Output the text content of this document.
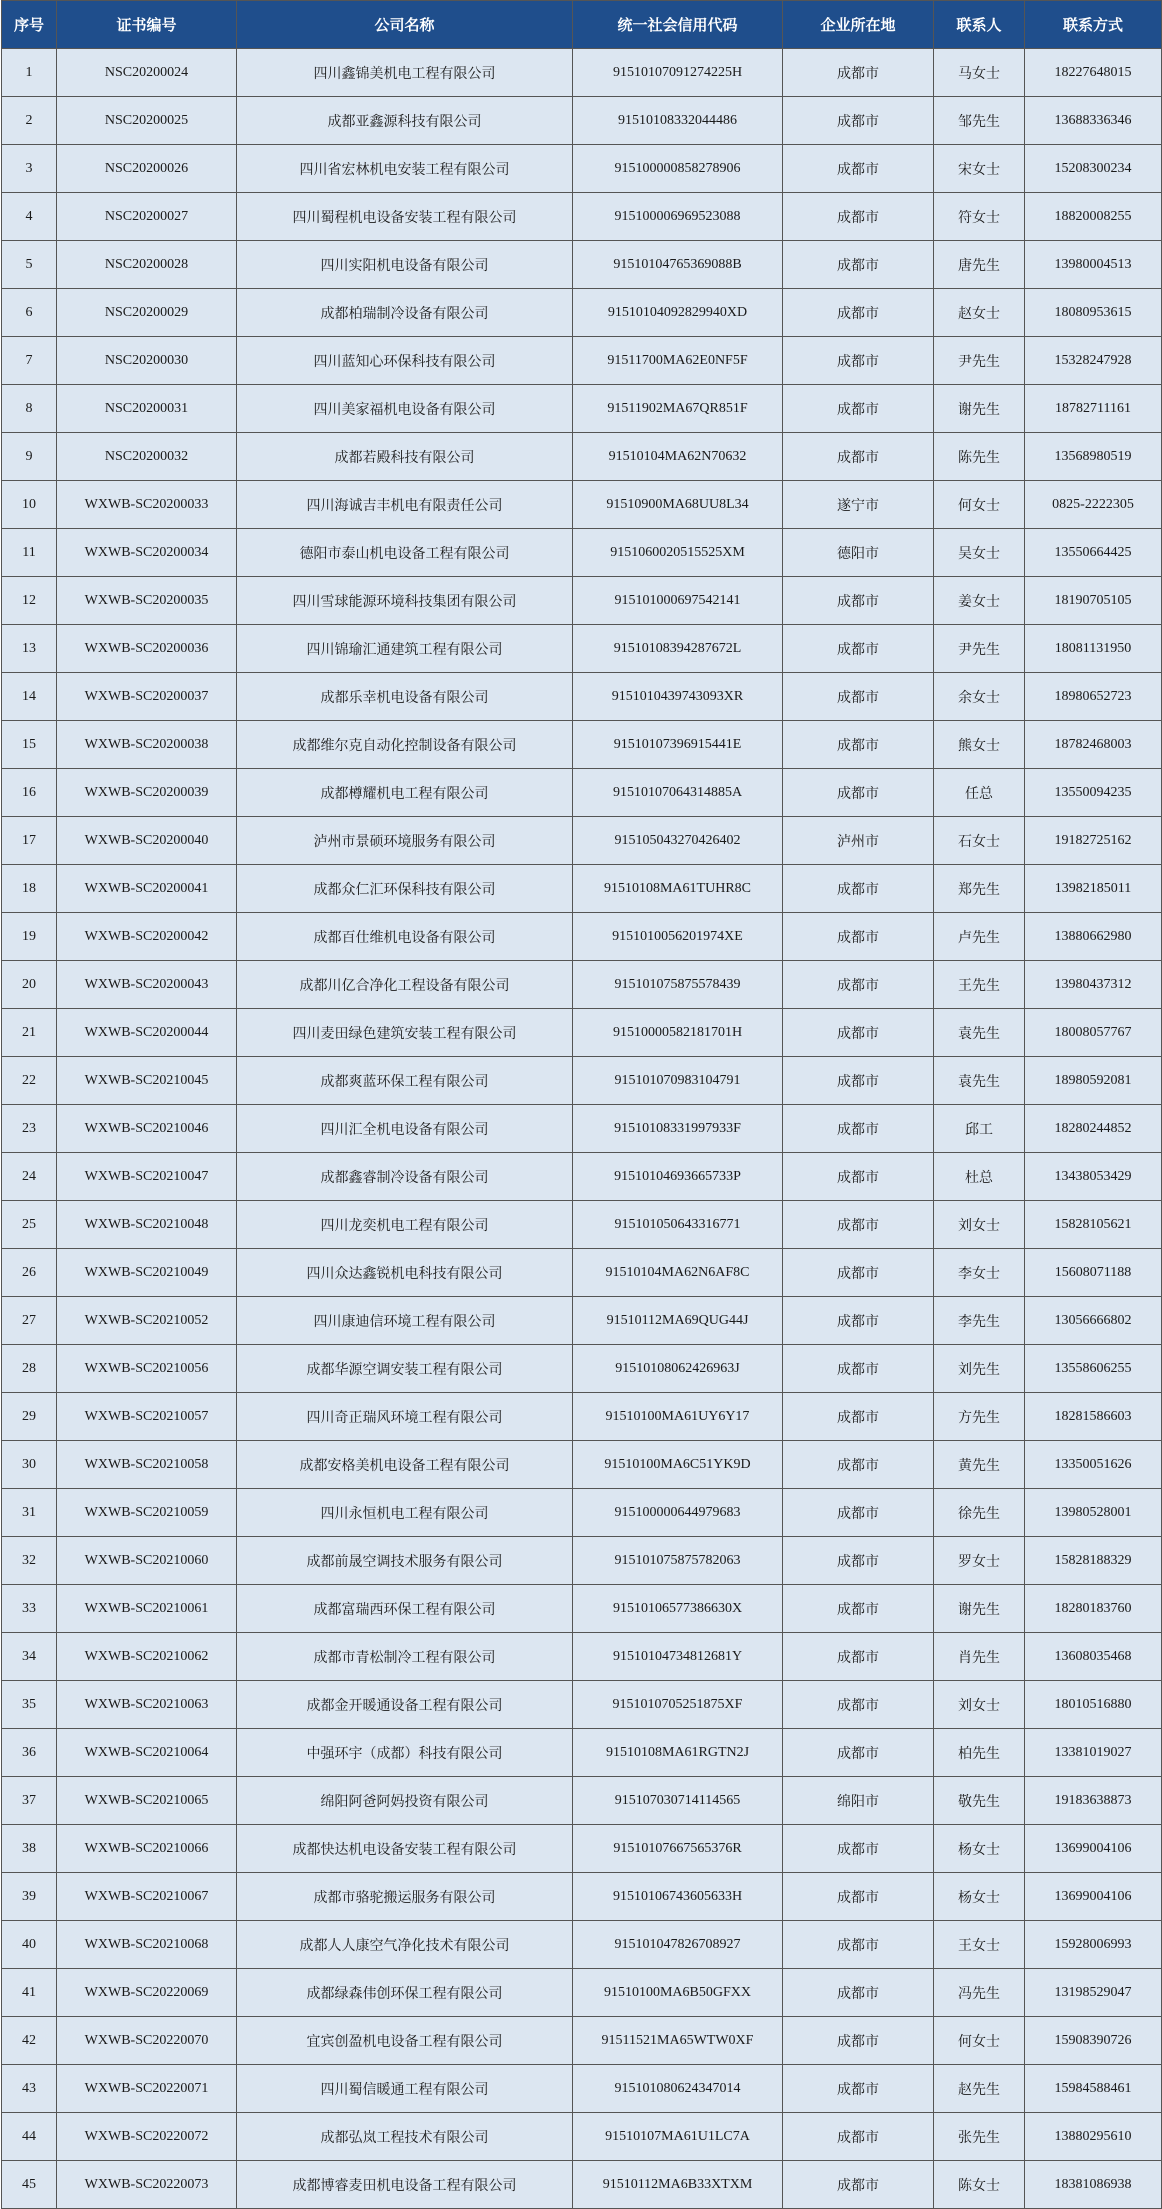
序号	证书编号	公司名称	统一社会信用代码	企业所在地	联系人	联系方式
1	NSC20200024	四川鑫锦美机电工程有限公司	91510107091274225H	成都市	马女士	18227648015
2	NSC20200025	成都亚鑫源科技有限公司	91510108332044486	成都市	邹先生	13688336346
3	NSC20200026	四川省宏林机电安装工程有限公司	915100000858278906	成都市	宋女士	15208300234
4	NSC20200027	四川蜀程机电设备安装工程有限公司	915100006969523088	成都市	符女士	18820008255
5	NSC20200028	四川实阳机电设备有限公司	91510104765369088B	成都市	唐先生	13980004513
6	NSC20200029	成都柏瑞制冷设备有限公司	91510104092829940XD	成都市	赵女士	18080953615
7	NSC20200030	四川蓝知心环保科技有限公司	91511700MA62E0NF5F	成都市	尹先生	15328247928
8	NSC20200031	四川美家福机电设备有限公司	91511902MA67QR851F	成都市	谢先生	18782711161
9	NSC20200032	成都若殿科技有限公司	91510104MA62N70632	成都市	陈先生	13568980519
10	WXWB-SC20200033	四川海诚吉丰机电有限责任公司	91510900MA68UU8L34	遂宁市	何女士	0825-2222305
11	WXWB-SC20200034	德阳市泰山机电设备工程有限公司	9151060020515525XM	德阳市	吴女士	13550664425
12	WXWB-SC20200035	四川雪球能源环境科技集团有限公司	915101000697542141	成都市	姜女士	18190705105
13	WXWB-SC20200036	四川锦瑜汇通建筑工程有限公司	91510108394287672L	成都市	尹先生	18081131950
14	WXWB-SC20200037	成都乐幸机电设备有限公司	9151010439743093XR	成都市	余女士	18980652723
15	WXWB-SC20200038	成都维尔克自动化控制设备有限公司	91510107396915441E	成都市	熊女士	18782468003
16	WXWB-SC20200039	成都樽耀机电工程有限公司	91510107064314885A	成都市	任总	13550094235
17	WXWB-SC20200040	泸州市景硕环境服务有限公司	915105043270426402	泸州市	石女士	19182725162
18	WXWB-SC20200041	成都众仁汇环保科技有限公司	91510108MA61TUHR8C	成都市	郑先生	13982185011
19	WXWB-SC20200042	成都百仕维机电设备有限公司	9151010056201974XE	成都市	卢先生	13880662980
20	WXWB-SC20200043	成都川亿合净化工程设备有限公司	915101075875578439	成都市	王先生	13980437312
21	WXWB-SC20200044	四川麦田绿色建筑安装工程有限公司	91510000582181701H	成都市	袁先生	18008057767
22	WXWB-SC20210045	成都爽蓝环保工程有限公司	915101070983104791	成都市	袁先生	18980592081
23	WXWB-SC20210046	四川汇全机电设备有限公司	91510108331997933F	成都市	邱工	18280244852
24	WXWB-SC20210047	成都鑫睿制冷设备有限公司	91510104693665733P	成都市	杜总	13438053429
25	WXWB-SC20210048	四川龙奕机电工程有限公司	915101050643316771	成都市	刘女士	15828105621
26	WXWB-SC20210049	四川众达鑫锐机电科技有限公司	91510104MA62N6AF8C	成都市	李女士	15608071188
27	WXWB-SC20210052	四川康迪信环境工程有限公司	91510112MA69QUG44J	成都市	李先生	13056666802
28	WXWB-SC20210056	成都华源空调安装工程有限公司	91510108062426963J	成都市	刘先生	13558606255
29	WXWB-SC20210057	四川奇正瑞风环境工程有限公司	91510100MA61UY6Y17	成都市	方先生	18281586603
30	WXWB-SC20210058	成都安格美机电设备工程有限公司	91510100MA6C51YK9D	成都市	黄先生	13350051626
31	WXWB-SC20210059	四川永恒机电工程有限公司	915100000644979683	成都市	徐先生	13980528001
32	WXWB-SC20210060	成都前晟空调技术服务有限公司	915101075875782063	成都市	罗女士	15828188329
33	WXWB-SC20210061	成都富瑞西环保工程有限公司	91510106577386630X	成都市	谢先生	18280183760
34	WXWB-SC20210062	成都市青松制冷工程有限公司	91510104734812681Y	成都市	肖先生	13608035468
35	WXWB-SC20210063	成都金开暖通设备工程有限公司	9151010705251875XF	成都市	刘女士	18010516880
36	WXWB-SC20210064	中强环宇（成都）科技有限公司	91510108MA61RGTN2J	成都市	柏先生	13381019027
37	WXWB-SC20210065	绵阳阿爸阿妈投资有限公司	915107030714114565	绵阳市	敬先生	19183638873
38	WXWB-SC20210066	成都快达机电设备安装工程有限公司	91510107667565376R	成都市	杨女士	13699004106
39	WXWB-SC20210067	成都市骆驼搬运服务有限公司	91510106743605633H	成都市	杨女士	13699004106
40	WXWB-SC20210068	成都人人康空气净化技术有限公司	915101047826708927	成都市	王女士	15928006993
41	WXWB-SC20220069	成都绿森伟创环保工程有限公司	91510100MA6B50GFXX	成都市	冯先生	13198529047
42	WXWB-SC20220070	宜宾创盈机电设备工程有限公司	91511521MA65WTW0XF	成都市	何女士	15908390726
43	WXWB-SC20220071	四川蜀信暖通工程有限公司	915101080624347014	成都市	赵先生	15984588461
44	WXWB-SC20220072	成都弘岚工程技术有限公司	91510107MA61U1LC7A	成都市	张先生	13880295610
45	WXWB-SC20220073	成都博睿麦田机电设备工程有限公司	91510112MA6B33XTXM	成都市	陈女士	18381086938
